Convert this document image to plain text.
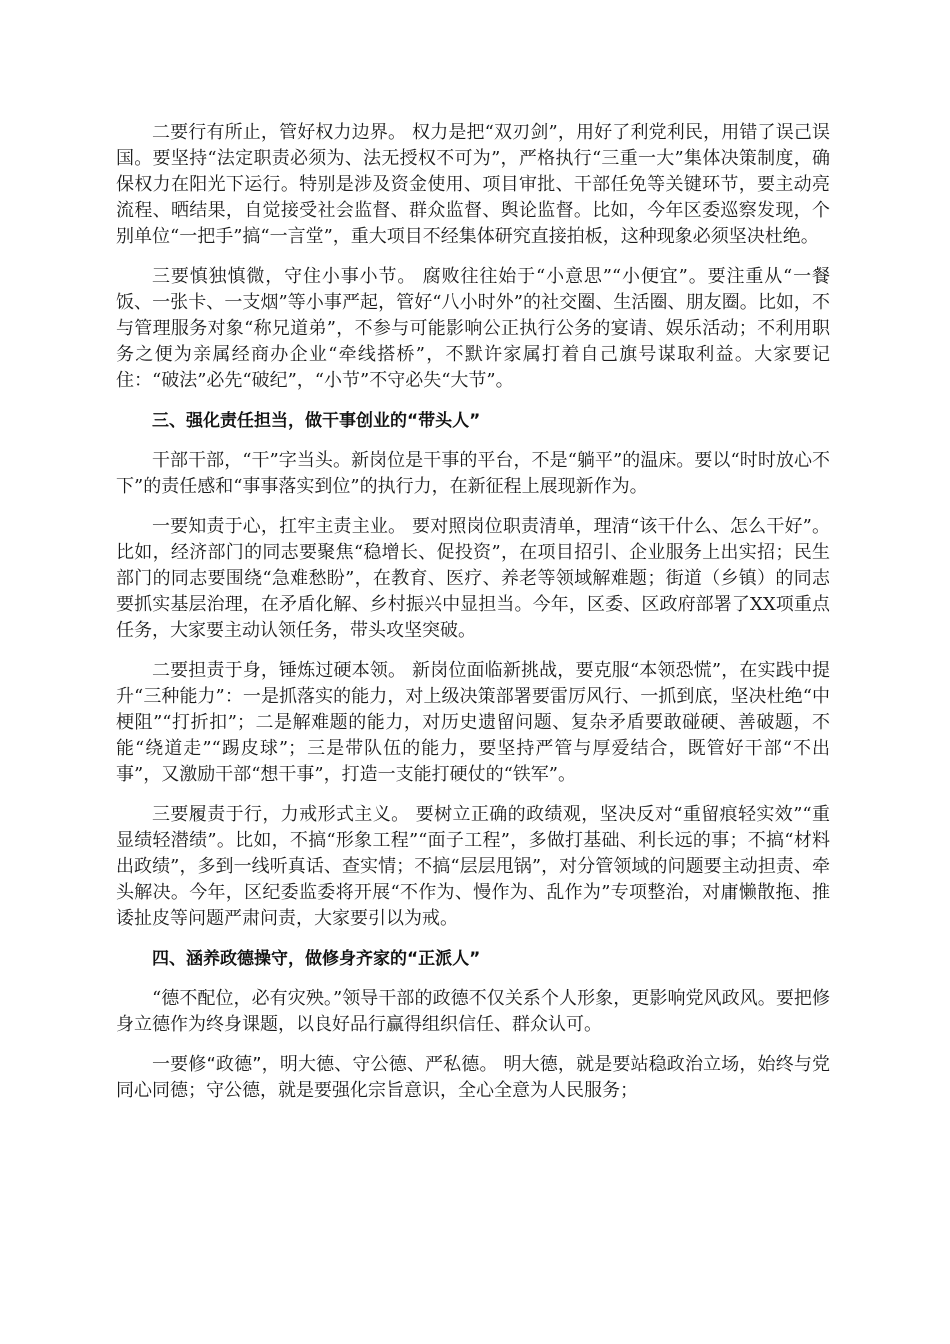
二要行有所止，管好权力边界。 权力是把“双刃剑”，用好了利党利民，用错了误己误国。要坚持“法定职责必须为、法无授权不可为”，严格执行“三重一大”集体决策制度，确保权力在阳光下运行。特别是涉及资金使用、项目审批、干部任免等关键环节，要主动亮流程、晒结果，自觉接受社会监督、群众监督、舆论监督。比如，今年区委巡察发现，个别单位“一把手”搞“一言堂”，重大项目不经集体研究直接拍板，这种现象必须坚决杜绝。

三要慎独慎微，守住小事小节。 腐败往往始于“小意思”“小便宜”。要注重从“一餐饭、一张卡、一支烟”等小事严起，管好“八小时外”的社交圈、生活圈、朋友圈。比如，不与管理服务对象“称兄道弟”，不参与可能影响公正执行公务的宴请、娱乐活动；不利用职务之便为亲属经商办企业“牵线搭桥”，不默许家属打着自己旗号谋取利益。大家要记住：“破法”必先“破纪”，“小节”不守必失“大节”。

三、强化责任担当，做干事创业的“带头人”

干部干部，“干”字当头。新岗位是干事的平台，不是“躺平”的温床。要以“时时放心不下”的责任感和“事事落实到位”的执行力，在新征程上展现新作为。

一要知责于心，扛牢主责主业。 要对照岗位职责清单，理清“该干什么、怎么干好”。比如，经济部门的同志要聚焦“稳增长、促投资”，在项目招引、企业服务上出实招；民生部门的同志要围绕“急难愁盼”，在教育、医疗、养老等领域解难题；街道（乡镇）的同志要抓实基层治理，在矛盾化解、乡村振兴中显担当。今年，区委、区政府部署了XX项重点任务，大家要主动认领任务，带头攻坚突破。

二要担责于身，锤炼过硬本领。 新岗位面临新挑战，要克服“本领恐慌”，在实践中提升“三种能力”：一是抓落实的能力，对上级决策部署要雷厉风行、一抓到底，坚决杜绝“中梗阻”“打折扣”；二是解难题的能力，对历史遗留问题、复杂矛盾要敢碰硬、善破题，不能“绕道走”“踢皮球”；三是带队伍的能力，要坚持严管与厚爱结合，既管好干部“不出事”，又激励干部“想干事”，打造一支能打硬仗的“铁军”。

三要履责于行，力戒形式主义。 要树立正确的政绩观，坚决反对“重留痕轻实效”“重显绩轻潜绩”。比如，不搞“形象工程”“面子工程”，多做打基础、利长远的事；不搞“材料出政绩”，多到一线听真话、查实情；不搞“层层甩锅”，对分管领域的问题要主动担责、牵头解决。今年，区纪委监委将开展“不作为、慢作为、乱作为”专项整治，对庸懒散拖、推诿扯皮等问题严肃问责，大家要引以为戒。

四、涵养政德操守，做修身齐家的“正派人”

“德不配位，必有灾殃。”领导干部的政德不仅关系个人形象，更影响党风政风。要把修身立德作为终身课题，以良好品行赢得组织信任、群众认可。

一要修“政德”，明大德、守公德、严私德。 明大德，就是要站稳政治立场，始终与党同心同德；守公德，就是要强化宗旨意识，全心全意为人民服务；
